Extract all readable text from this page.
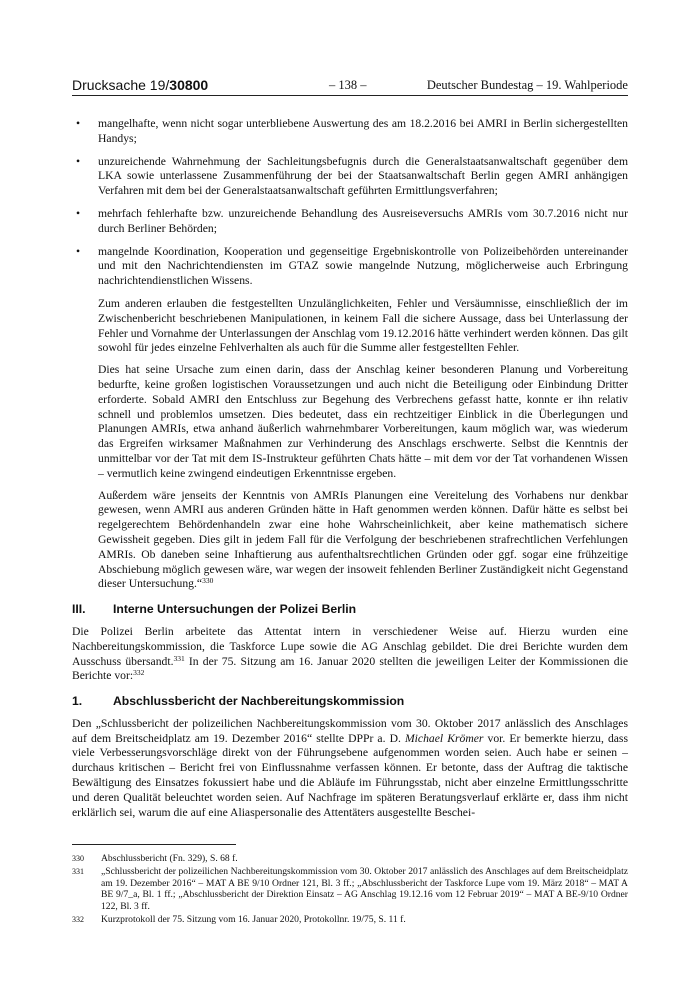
Drucksache 19/30800	– 138 –	Deutscher Bundestag – 19. Wahlperiode
• mangelhafte, wenn nicht sogar unterbliebene Auswertung des am 18.2.2016 bei AMRI in Berlin sichergestellten Handys;
• unzureichende Wahrnehmung der Sachleitungsbefugnis durch die Generalstaatsanwaltschaft gegenüber dem LKA sowie unterlassene Zusammenführung der bei der Staatsanwaltschaft Berlin gegen AMRI anhängigen Verfahren mit dem bei der Generalstaatsanwaltschaft geführten Ermittlungsverfahren;
• mehrfach fehlerhafte bzw. unzureichende Behandlung des Ausreiseversuchs AMRIs vom 30.7.2016 nicht nur durch Berliner Behörden;
• mangelnde Koordination, Kooperation und gegenseitige Ergebniskontrolle von Polizeibehörden untereinander und mit den Nachrichtendiensten im GTAZ sowie mangelnde Nutzung, möglicherweise auch Erbringung nachrichtendienstlichen Wissens.

Zum anderen erlauben die festgestellten Unzulänglichkeiten, Fehler und Versäumnisse, einschließlich der im Zwischenbericht beschriebenen Manipulationen, in keinem Fall die sichere Aussage, dass bei Unterlassung der Fehler und Vornahme der Unterlassungen der Anschlag vom 19.12.2016 hätte verhindert werden können. Das gilt sowohl für jedes einzelne Fehlverhalten als auch für die Summe aller festgestellten Fehler.

Dies hat seine Ursache zum einen darin, dass der Anschlag keiner besonderen Planung und Vorbereitung bedurfte, keine großen logistischen Voraussetzungen und auch nicht die Beteiligung oder Einbindung Dritter erforderte. Sobald AMRI den Entschluss zur Begehung des Verbrechens gefasst hatte, konnte er ihn relativ schnell und problemlos umsetzen. Dies bedeutet, dass ein rechtzeitiger Einblick in die Überlegungen und Planungen AMRIs, etwa anhand äußerlich wahrnehmbarer Vorbereitungen, kaum möglich war, was wiederum das Ergreifen wirksamer Maßnahmen zur Verhinderung des Anschlags erschwerte. Selbst die Kenntnis der unmittelbar vor der Tat mit dem IS-Instrukteur geführten Chats hätte – mit dem vor der Tat vorhandenen Wissen – vermutlich keine zwingend eindeutigen Erkenntnisse ergeben.

Außerdem wäre jenseits der Kenntnis von AMRIs Planungen eine Vereitelung des Vorhabens nur denkbar gewesen, wenn AMRI aus anderen Gründen hätte in Haft genommen werden können. Dafür hätte es selbst bei regelgerechtem Behördenhandeln zwar eine hohe Wahrscheinlichkeit, aber keine mathematisch sichere Gewissheit gegeben. Dies gilt in jedem Fall für die Verfolgung der beschriebenen strafrechtlichen Verfehlungen AMRIs. Ob daneben seine Inhaftierung aus aufenthaltsrechtlichen Gründen oder ggf. sogar eine frühzeitige Abschiebung möglich gewesen wäre, war wegen der insoweit fehlenden Berliner Zuständigkeit nicht Gegenstand dieser Untersuchung.“$^{330}$

III.	Interne Untersuchungen der Polizei Berlin

Die Polizei Berlin arbeitete das Attentat intern in verschiedener Weise auf. Hierzu wurden eine Nachbereitungskommission, die Taskforce Lupe sowie die AG Anschlag gebildet. Die drei Berichte wurden dem Ausschuss übersandt.$^{331}$ In der 75. Sitzung am 16. Januar 2020 stellten die jeweiligen Leiter der Kommissionen die Berichte vor:$^{332}$

1.	Abschlussbericht der Nachbereitungskommission

Den „Schlussbericht der polizeilichen Nachbereitungskommission vom 30. Oktober 2017 anlässlich des Anschlages auf dem Breitscheidplatz am 19. Dezember 2016“ stellte DPPr a. D. Michael Krömer vor. Er bemerkte hierzu, dass viele Verbesserungsvorschläge direkt von der Führungsebene aufgenommen worden seien. Auch habe er seinen – durchaus kritischen – Bericht frei von Einflussnahme verfassen können. Er betonte, dass der Auftrag die taktische Bewältigung des Einsatzes fokussiert habe und die Abläufe im Führungsstab, nicht aber einzelne Ermittlungsschritte und deren Qualität beleuchtet worden seien. Auf Nachfrage im späteren Beratungsverlauf erklärte er, dass ihm nicht erklärlich sei, warum die auf eine Aliaspersonalie des Attentäters ausgestellte Beschei-

330	Abschlussbericht (Fn. 329), S. 68 f.
331	„Schlussbericht der polizeilichen Nachbereitungskommission vom 30. Oktober 2017 anlässlich des Anschlages auf dem Breitscheidplatz am 19. Dezember 2016“ – MAT A BE 9/10 Ordner 121, Bl. 3 ff.; „Abschlussbericht der Taskforce Lupe vom 19. März 2018“ – MAT A BE 9/7_a, Bl. 1 ff.; „Abschlussbericht der Direktion Einsatz – AG Anschlag 19.12.16 vom 12 Februar 2019“ – MAT A BE-9/10 Ordner 122, Bl. 3 ff.
332	Kurzprotokoll der 75. Sitzung vom 16. Januar 2020, Protokollnr. 19/75, S. 11 f.
